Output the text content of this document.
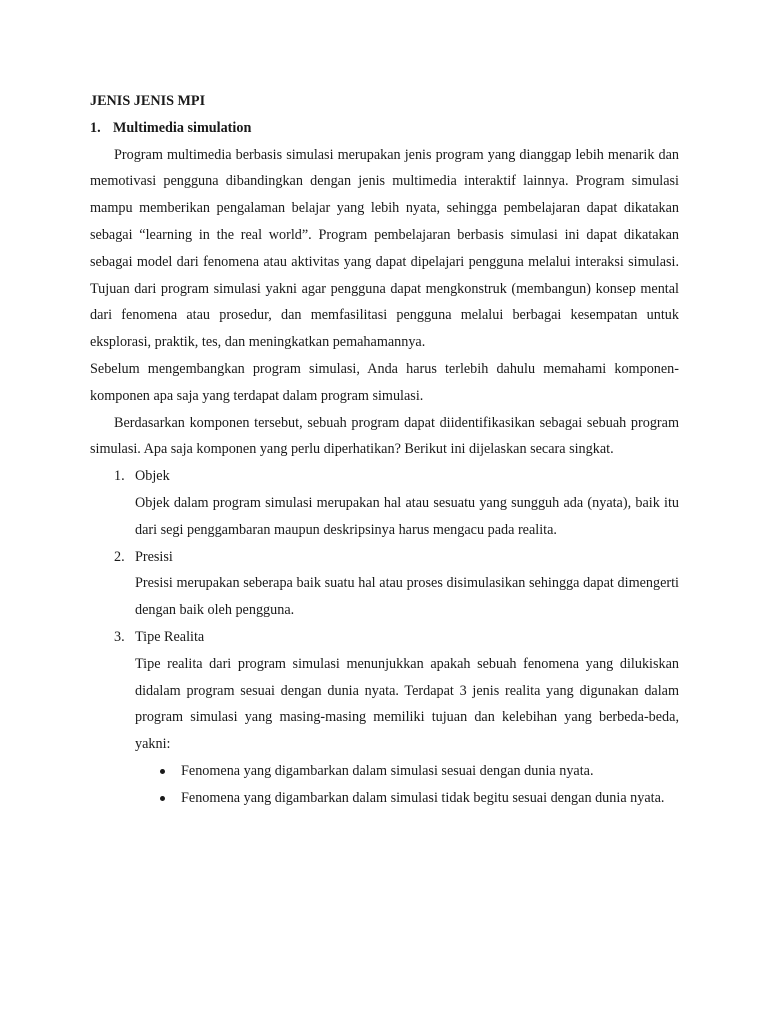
JENIS JENIS MPI

1. Multimedia simulation

Program multimedia berbasis simulasi merupakan jenis program yang dianggap lebih menarik dan memotivasi pengguna dibandingkan dengan jenis multimedia interaktif lainnya. Program simulasi mampu memberikan pengalaman belajar yang lebih nyata, sehingga pembelajaran dapat dikatakan sebagai “learning in the real world”. Program pembelajaran berbasis simulasi ini dapat dikatakan sebagai model dari fenomena atau aktivitas yang dapat dipelajari pengguna melalui interaksi simulasi. Tujuan dari program simulasi yakni agar pengguna dapat mengkonstruk (membangun) konsep mental dari fenomena atau prosedur, dan memfasilitasi pengguna melalui berbagai kesempatan untuk eksplorasi, praktik, tes, dan meningkatkan pemahamannya.

Sebelum mengembangkan program simulasi, Anda harus terlebih dahulu memahami komponen-komponen apa saja yang terdapat dalam program simulasi.

Berdasarkan komponen tersebut, sebuah program dapat diidentifikasikan sebagai sebuah program simulasi. Apa saja komponen yang perlu diperhatikan? Berikut ini dijelaskan secara singkat.

1. Objek

Objek dalam program simulasi merupakan hal atau sesuatu yang sungguh ada (nyata), baik itu dari segi penggambaran maupun deskripsinya harus mengacu pada realita.

2. Presisi

Presisi merupakan seberapa baik suatu hal atau proses disimulasikan sehingga dapat dimengerti dengan baik oleh pengguna.

3. Tipe Realita

Tipe realita dari program simulasi menunjukkan apakah sebuah fenomena yang dilukiskan didalam program sesuai dengan dunia nyata. Terdapat 3 jenis realita yang digunakan dalam program simulasi yang masing-masing memiliki tujuan dan kelebihan yang berbeda-beda, yakni:

Fenomena yang digambarkan dalam simulasi sesuai dengan dunia nyata.
Fenomena yang digambarkan dalam simulasi tidak begitu sesuai dengan dunia nyata.
